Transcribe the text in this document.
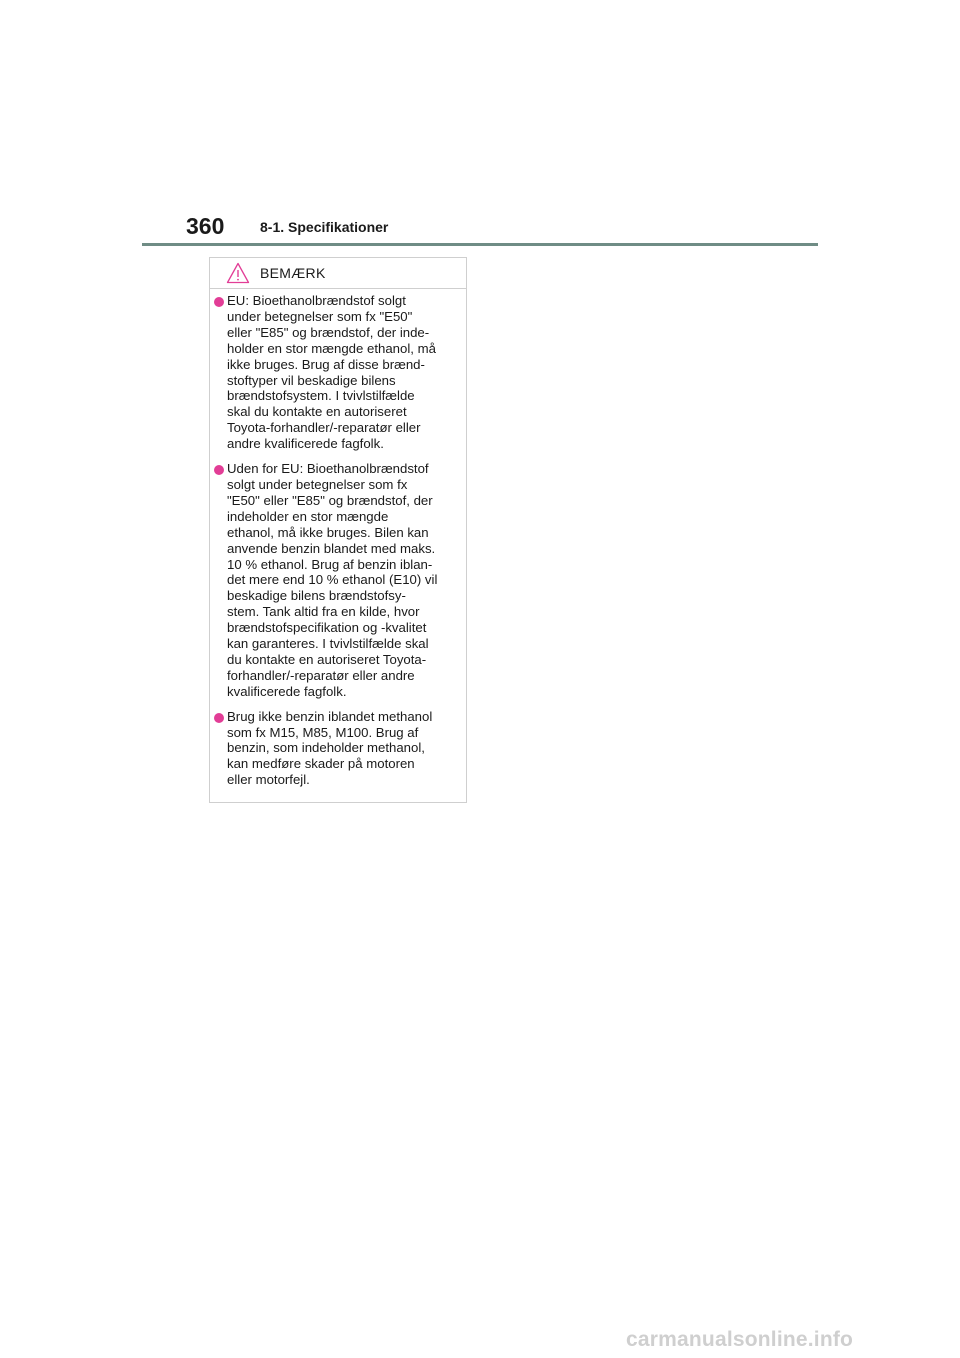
360	8-1. Specifikationer
BEMÆRK
EU: Bioethanolbrændstof solgt
under betegnelser som fx "E50"
eller "E85" og brændstof, der inde-
holder en stor mængde ethanol, må
ikke bruges. Brug af disse brænd-
stoftyper vil beskadige bilens
brændstofsystem. I tvivlstilfælde
skal du kontakte en autoriseret
Toyota-forhandler/-reparatør eller
andre kvalificerede fagfolk.
Uden for EU: Bioethanolbrændstof
solgt under betegnelser som fx
"E50" eller "E85" og brændstof, der
indeholder en stor mængde
ethanol, må ikke bruges. Bilen kan
anvende benzin blandet med maks.
10 % ethanol. Brug af benzin iblan-
det mere end 10 % ethanol (E10) vil
beskadige bilens brændstofsy-
stem. Tank altid fra en kilde, hvor
brændstofspecifikation og -kvalitet
kan garanteres. I tvivlstilfælde skal
du kontakte en autoriseret Toyota-
forhandler/-reparatør eller andre
kvalificerede fagfolk.
Brug ikke benzin iblandet methanol
som fx M15, M85, M100. Brug af
benzin, som indeholder methanol,
kan medføre skader på motoren
eller motorfejl.
carmanualsonline.info
